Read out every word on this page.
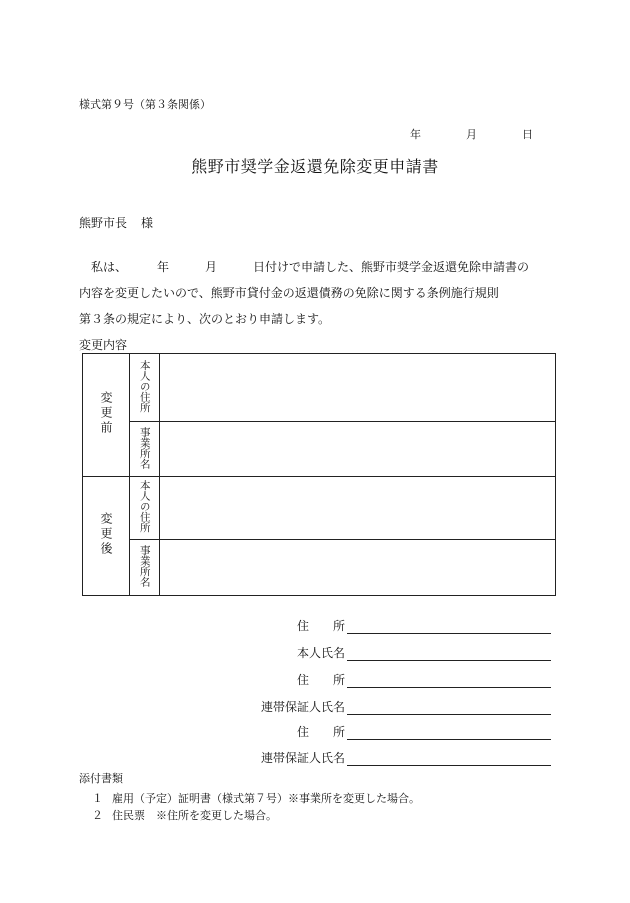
様式第９号（第３条関係）
年	月	日
熊野市奨学金返還免除変更申請書
熊野市長 様
私は、　　　年　　　月　　　日付けで申請した、熊野市奨学金返還免除申請書の
内容を変更したいので、熊野市貸付金の返還債務の免除に関する条例施行規則
第３条の規定により、次のとおり申請します。
変更内容
変更前	本人の住所	
	事業所名	
変更後	本人の住所	
	事業所名	
住　　所
本人氏名
住　　所
連帯保証人氏名
住　　所
連帯保証人氏名
添付書類
１ 雇用（予定）証明書（様式第７号）※事業所を変更した場合。
２ 住民票　※住所を変更した場合。
